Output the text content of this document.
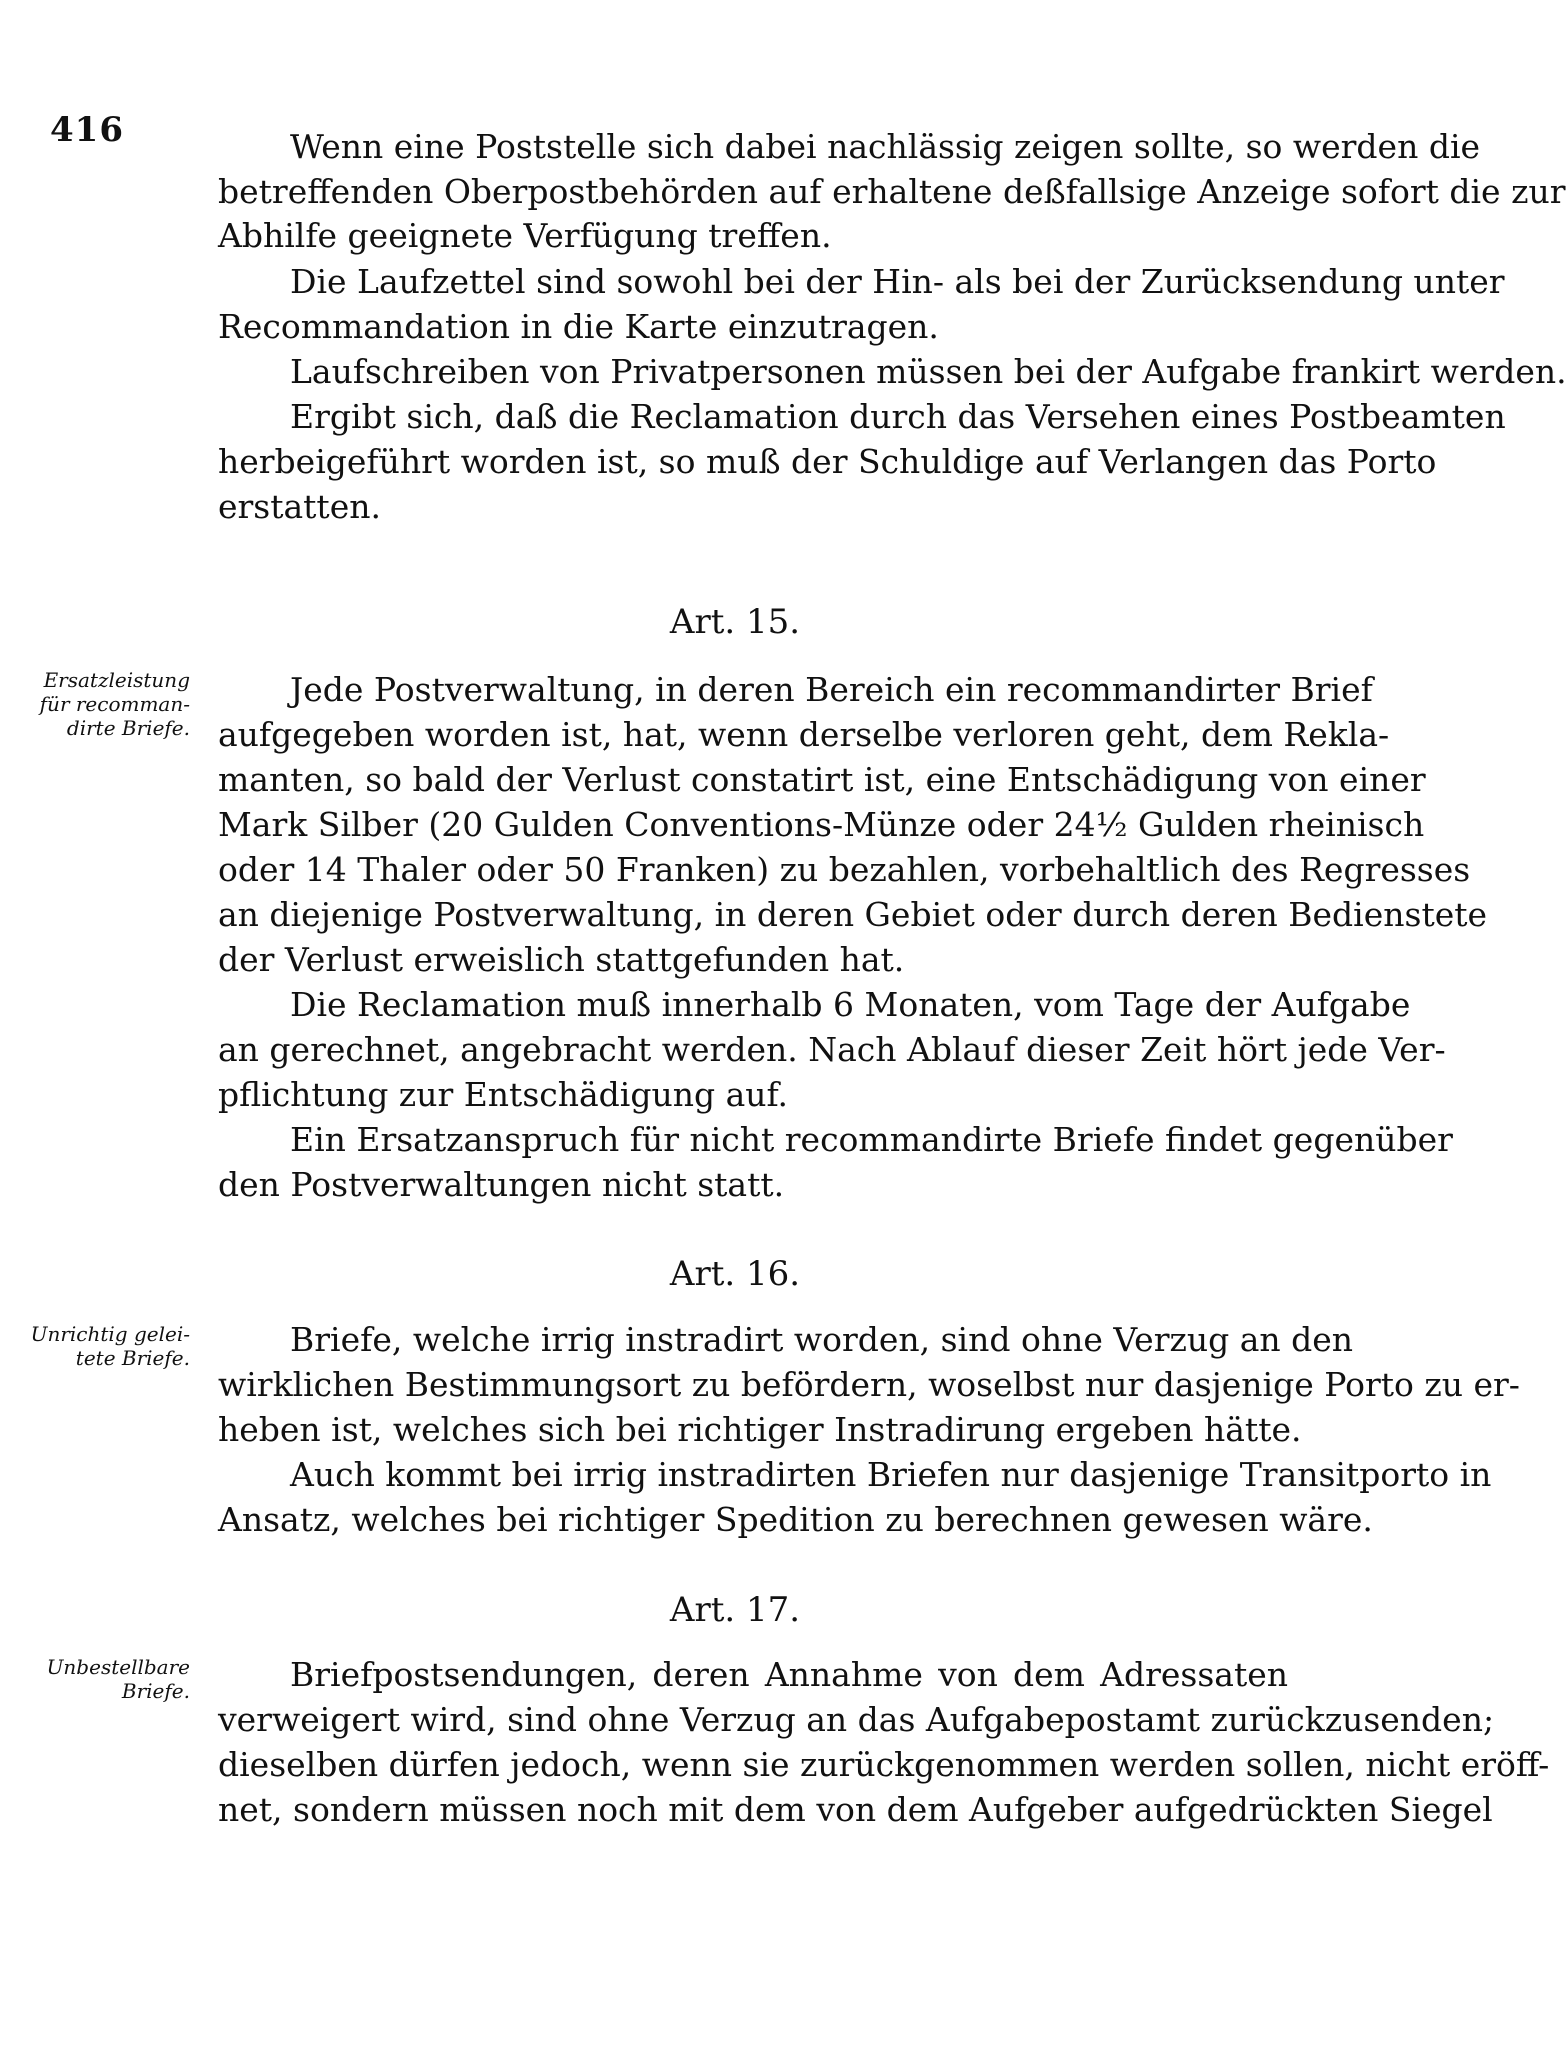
416	Wenn eine Poststelle sich dabei nachlässig zeigen sollte, so werden die
betreffenden Oberpostbehörden auf erhaltene deßfallsige Anzeige sofort die zur
Abhilfe geeignete Verfügung treffen.
Die Laufzettel sind sowohl bei der Hin- als bei der Zurücksendung unter
Recommandation in die Karte einzutragen.
Laufschreiben von Privatpersonen müssen bei der Aufgabe frankirt werden.
Ergibt sich, daß die Reclamation durch das Versehen eines Postbeamten
herbeigeführt worden ist, so muß der Schuldige auf Verlangen das Porto
erstatten.
Art. 15.
Ersatzleistung
für recomman-
dirte Briefe.
Jede Postverwaltung, in deren Bereich ein recommandirter Brief
aufgegeben worden ist, hat, wenn derselbe verloren geht, dem Rekla-
manten, so bald der Verlust constatirt ist, eine Entschädigung von einer
Mark Silber (20 Gulden Conventions-Münze oder 24½ Gulden rheinisch
oder 14 Thaler oder 50 Franken) zu bezahlen, vorbehaltlich des Regresses
an diejenige Postverwaltung, in deren Gebiet oder durch deren Bedienstete
der Verlust erweislich stattgefunden hat.
Die Reclamation muß innerhalb 6 Monaten, vom Tage der Aufgabe
an gerechnet, angebracht werden. Nach Ablauf dieser Zeit hört jede Ver-
pflichtung zur Entschädigung auf.
Ein Ersatzanspruch für nicht recommandirte Briefe findet gegenüber
den Postverwaltungen nicht statt.
Art. 16.
Unrichtig gelei-
tete Briefe.	Briefe, welche irrig instradirt worden, sind ohne Verzug an den
wirklichen Bestimmungsort zu befördern, woselbst nur dasjenige Porto zu er-
heben ist, welches sich bei richtiger Instradirung ergeben hätte.
Auch kommt bei irrig instradirten Briefen nur dasjenige Transitporto in
Ansatz, welches bei richtiger Spedition zu berechnen gewesen wäre.
Art. 17.
Unbestellbare
Briefe.	Briefpostsendungen, deren Annahme von dem Adressaten
verweigert wird, sind ohne Verzug an das Aufgabepostamt zurückzusenden;
dieselben dürfen jedoch, wenn sie zurückgenommen werden sollen, nicht eröff-
net, sondern müssen noch mit dem von dem Aufgeber aufgedrückten Siegel
